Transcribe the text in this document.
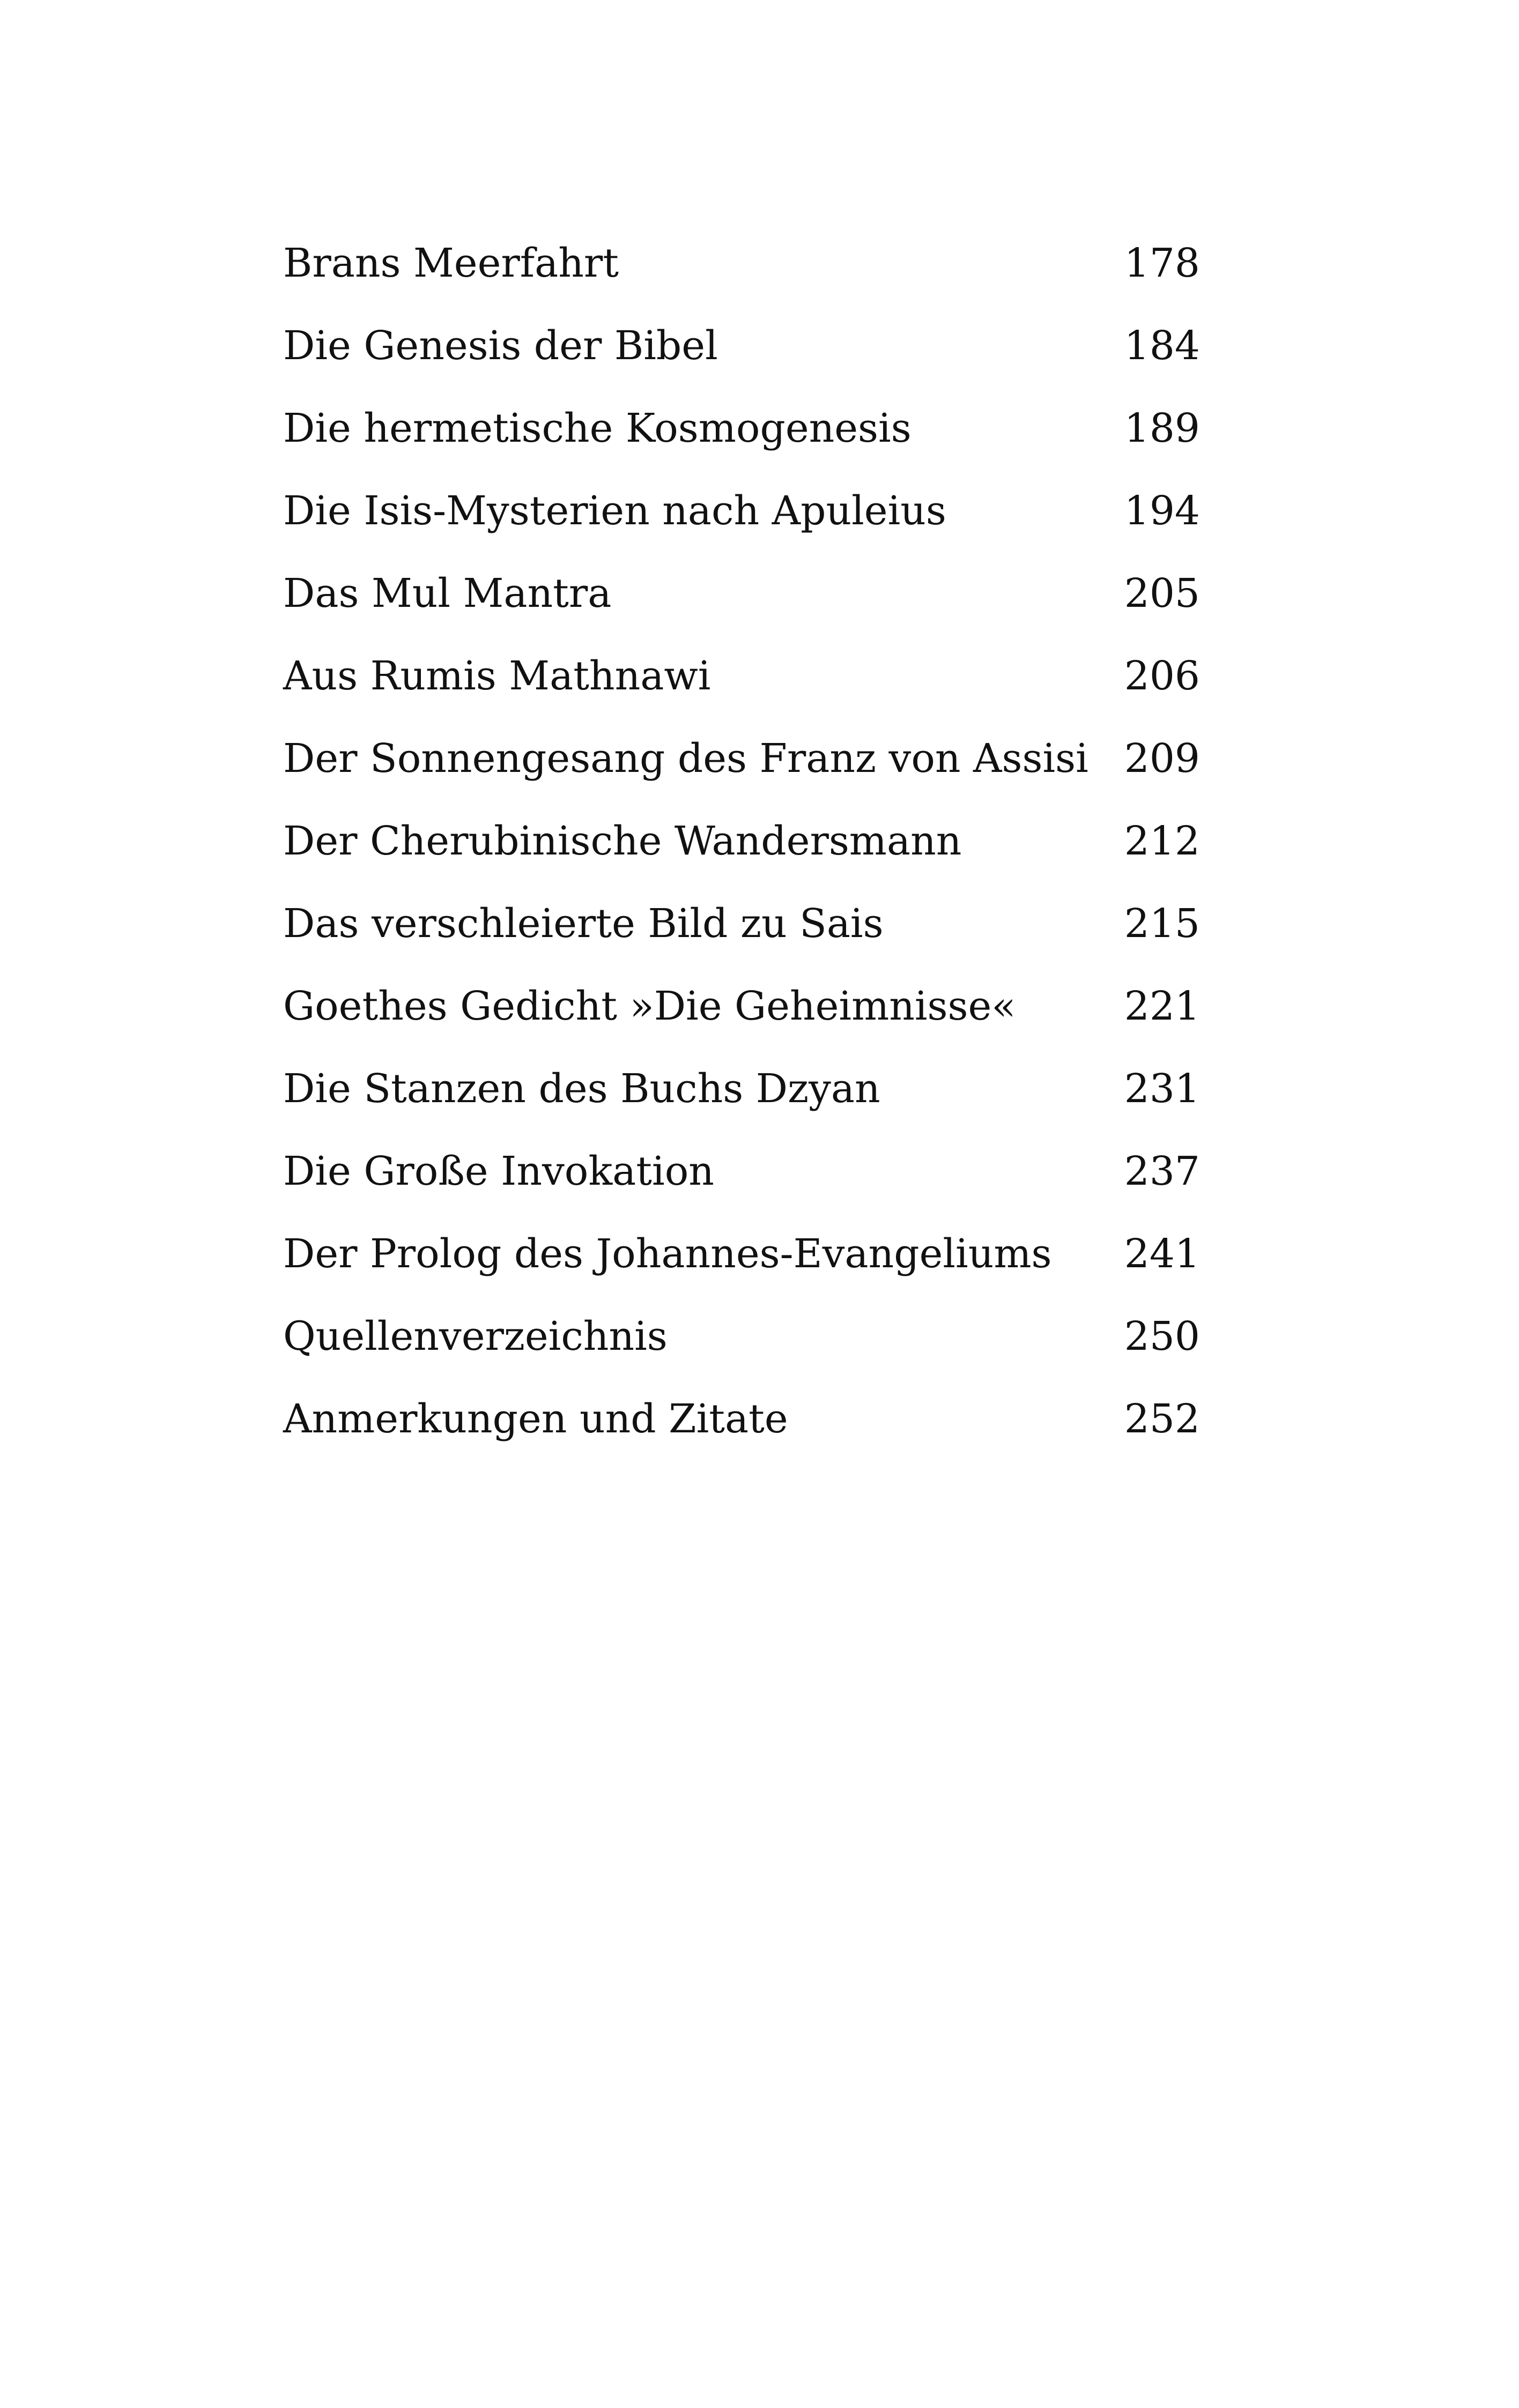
Brans Meerfahrt	178
Die Genesis der Bibel	184
Die hermetische Kosmogenesis	189
Die Isis-Mysterien nach Apuleius	194
Das Mul Mantra	205
Aus Rumis Mathnawi	206
Der Sonnengesang des Franz von Assisi 209
Der Cherubinische Wandersmann	212
Das verschleierte Bild zu Sais	215
Goethes Gedicht »Die Geheimnisse«	221
Die Stanzen des Buchs Dzyan	231
Die Große Invokation	237
Der Prolog des Johannes-Evangeliums	241
Quellenverzeichnis	250
Anmerkungen und Zitate	252
